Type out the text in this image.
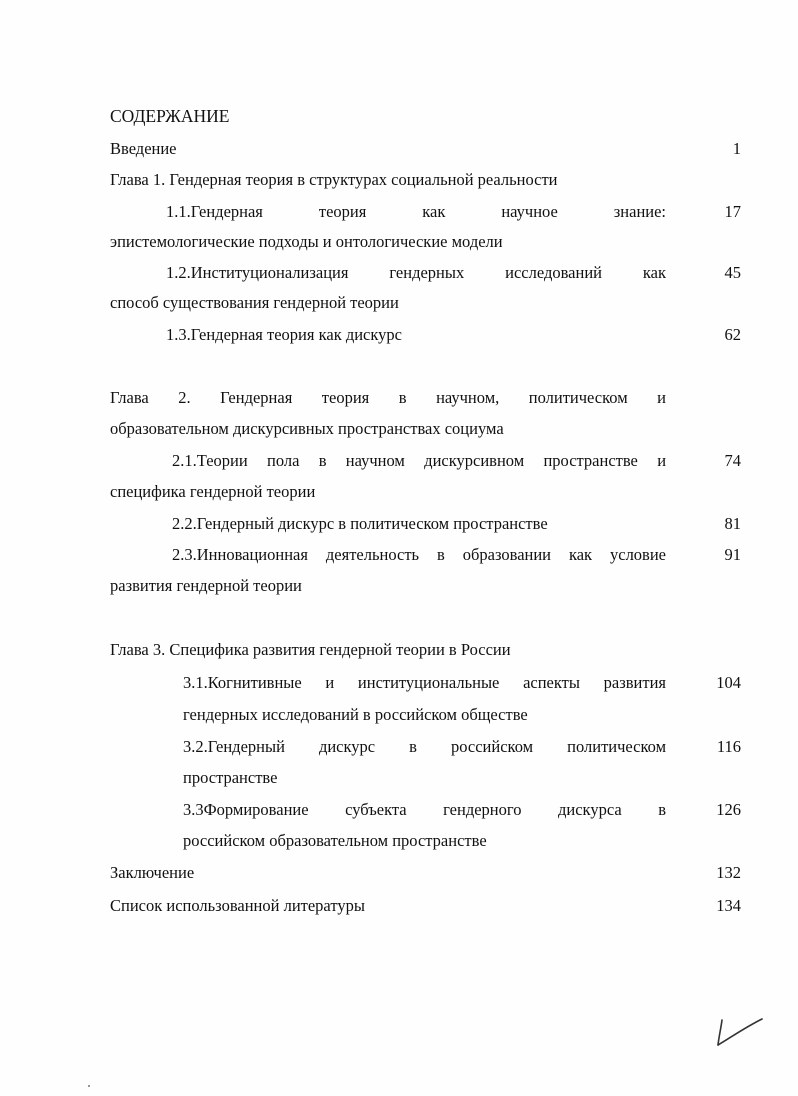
СОДЕРЖАНИЕ
Введение	1
Глава 1. Гендерная теория в структурах социальной реальности
1.1.Гендерная	теория	как	научное	знание:	17
эпистемологические подходы и онтологические модели
1.2.Институционализация гендерных исследований как	45
способ существования гендерной теории
1.3.Гендерная теория как дискурс	62
Глава 2. Гендерная теория в научном, политическом и
образовательном дискурсивных пространствах социума
2.1.Теории пола в научном дискурсивном пространстве и	74
специфика гендерной теории
2.2.Гендерный дискурс в политическом пространстве	81
2.3.Инновационная деятельность в образовании как условие	91
развития гендерной теории
Глава 3. Специфика развития гендерной теории в России
3.1.Когнитивные и институциональные аспекты развития	104
гендерных исследований в российском обществе
3.2.Гендерный дискурс в российском политическом	116
пространстве
3.3Формирование субъекта гендерного дискурса в	126
российском образовательном пространстве
Заключение	132
Список использованной литературы	134
